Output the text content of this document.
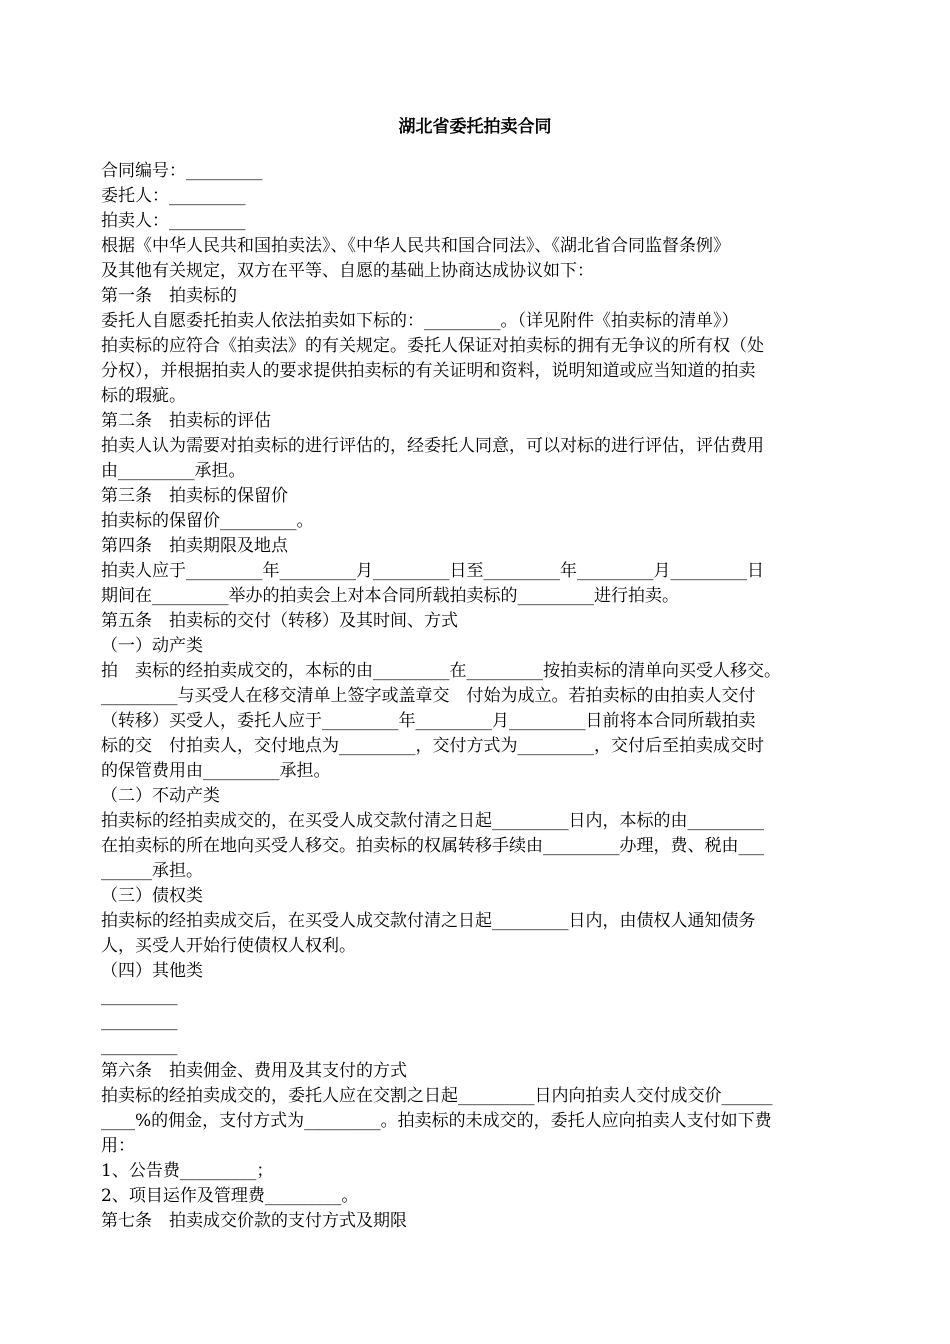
湖北省委托拍卖合同
合同编号：_________
委托人：_________
拍卖人：_________
根据《中华人民共和国拍卖法》、《中华人民共和国合同法》、《湖北省合同监督条例》
及其他有关规定，双方在平等、自愿的基础上协商达成协议如下：
第一条　拍卖标的
委托人自愿委托拍卖人依法拍卖如下标的：_________。（详见附件《拍卖标的清单》）
拍卖标的应符合《拍卖法》的有关规定。委托人保证对拍卖标的拥有无争议的所有权（处
分权），并根据拍卖人的要求提供拍卖标的有关证明和资料，说明知道或应当知道的拍卖
标的瑕疵。
第二条　拍卖标的评估
拍卖人认为需要对拍卖标的进行评估的，经委托人同意，可以对标的进行评估，评估费用
由_________承担。
第三条　拍卖标的保留价
拍卖标的保留价_________。
第四条　拍卖期限及地点
拍卖人应于_________年_________月_________日至_________年_________月_________日
期间在_________举办的拍卖会上对本合同所载拍卖标的_________进行拍卖。
第五条　拍卖标的交付（转移）及其时间、方式
（一）动产类
拍　卖标的经拍卖成交的，本标的由_________在_________按拍卖标的清单向买受人移交。
_________与买受人在移交清单上签字或盖章交　付始为成立。若拍卖标的由拍卖人交付
（转移）买受人，委托人应于_________年_________月_________日前将本合同所载拍卖
标的交　付拍卖人，交付地点为_________，交付方式为_________，交付后至拍卖成交时
的保管费用由_________承担。
（二）不动产类
拍卖标的经拍卖成交的，在买受人成交款付清之日起_________日内，本标的由_________
在拍卖标的所在地向买受人移交。拍卖标的权属转移手续由_________办理，费、税由___
______承担。
（三）债权类
拍卖标的经拍卖成交后，在买受人成交款付清之日起_________日内，由债权人通知债务
人，买受人开始行使债权人权利。
（四）其他类
_________
_________
_________
第六条　拍卖佣金、费用及其支付的方式
拍卖标的经拍卖成交的，委托人应在交割之日起_________日内向拍卖人交付成交价______
____%的佣金，支付方式为_________。拍卖标的未成交的，委托人应向拍卖人支付如下费
用：
1、公告费_________；
2、项目运作及管理费_________。
第七条　拍卖成交价款的支付方式及期限
